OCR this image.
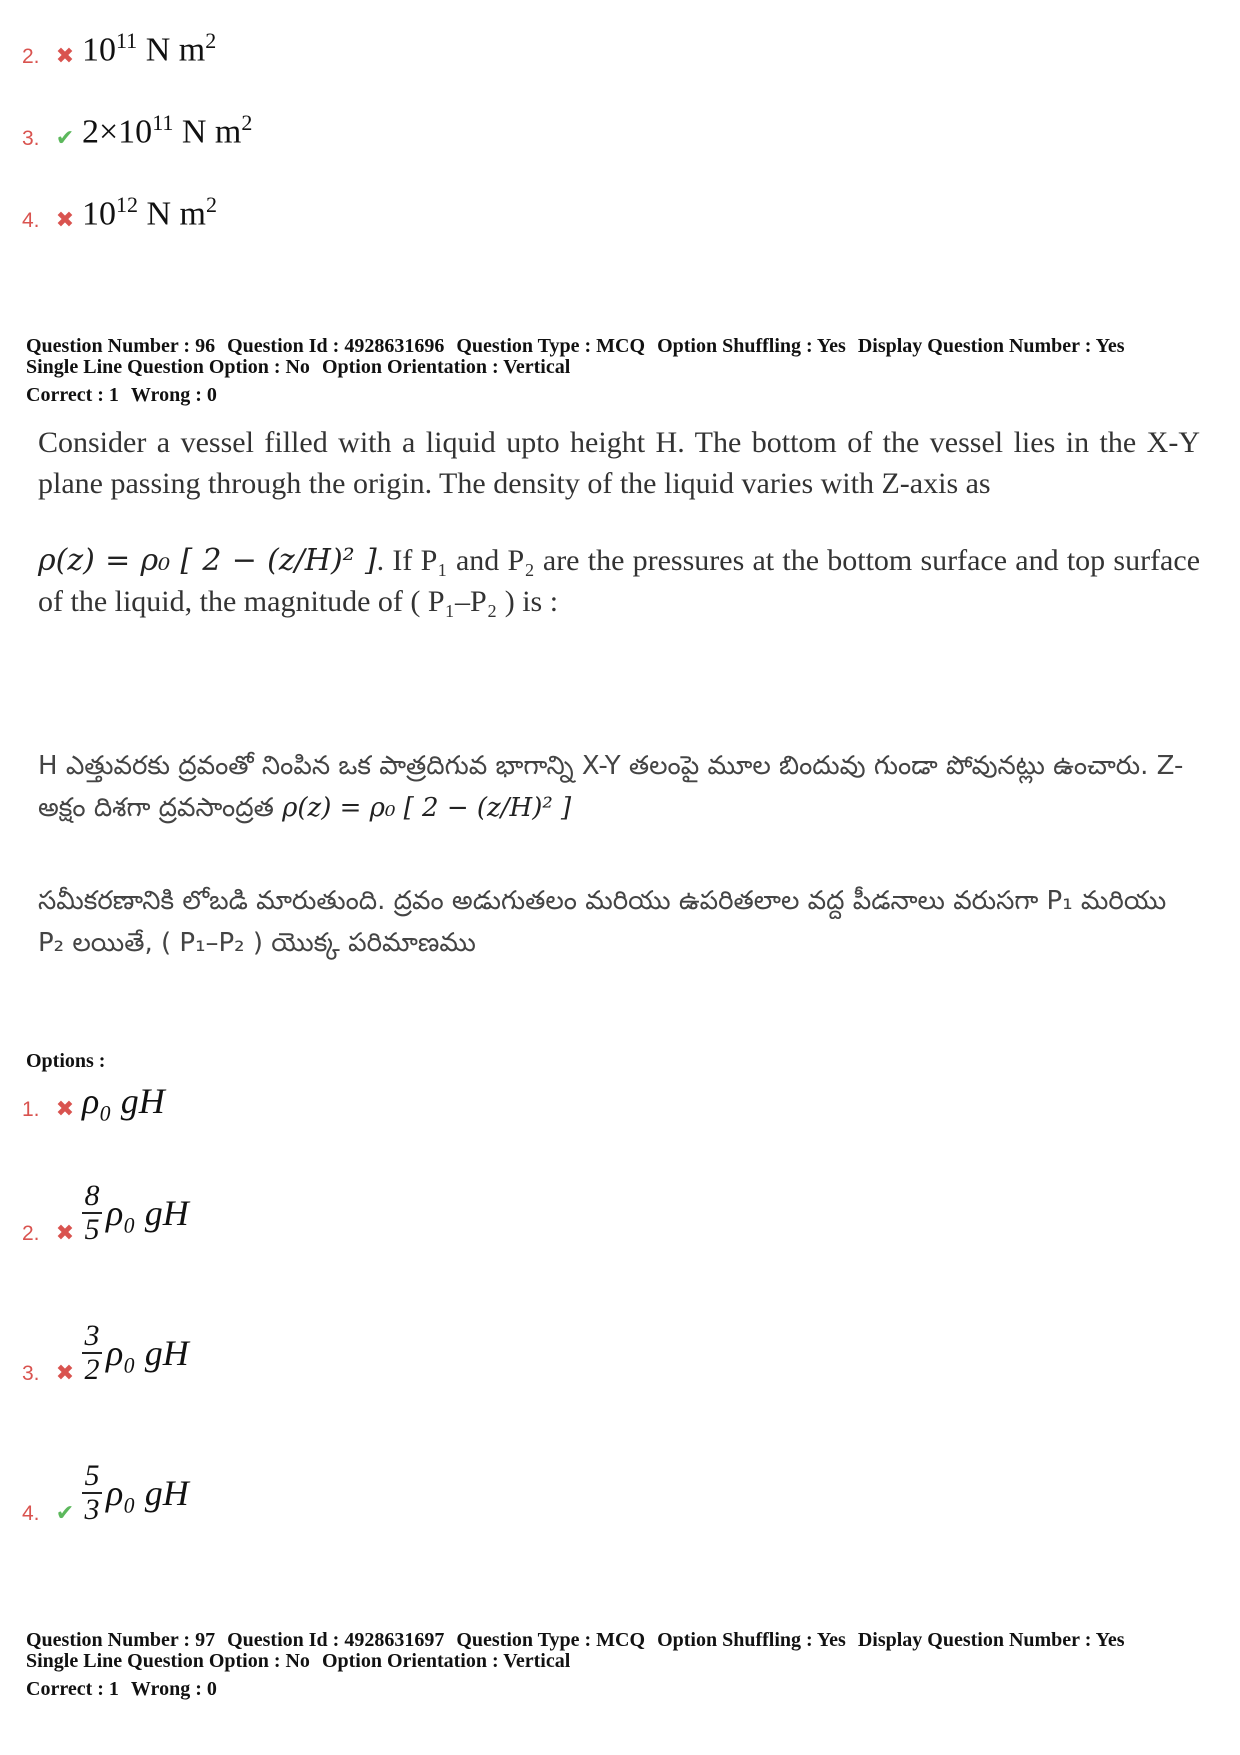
2. ✖ $10^{11}$ N $m^2$
3. ✔ $2\times 10^{11}$ N $m^2$
4. ✖ $10^{12}$ N $m^2$
Question Number : 96 Question Id : 4928631696 Question Type : MCQ Option Shuffling : Yes Display Question Number : Yes
Single Line Question Option : No Option Orientation : Vertical
Correct : 1 Wrong : 0
Consider a vessel filled with a liquid upto height H. The bottom of the vessel lies in the X-Y plane passing through the origin. The density of the liquid varies with Z-axis as
ρ(z) = ρ₀ [ 2 − (z/H)² ]. If P₁ and P₂ are the pressures at the bottom surface and top surface of the liquid, the magnitude of ( P₁–P₂ ) is :
H ఎత్తువరకు ద్రవంతో నింపిన ఒక పాత్రదిగువ భాగాన్ని X-Y తలంపై మూల బిందువు గుండా పోవునట్లు ఉంచారు. Z-అక్షం దిశగా ద్రవసాంద్రత ρ(z) = ρ₀ [ 2 − (z/H)² ]
సమీకరణానికి లోబడి మారుతుంది. ద్రవం అడుగుతలం మరియు ఉపరితలాల వద్ద పీడనాలు వరుసగా P₁ మరియు P₂ లయితే, ( P₁–P₂ ) యొక్క పరిమాణము
Options :
1. ✖ ρ₀ gH
2. ✖ $\frac{8}{5} \rho_0$ gH
3. ✖ $\frac{3}{2} \rho_0$ gH
4. ✔ $\frac{5}{3} \rho_0$ gH
Question Number : 97 Question Id : 4928631697 Question Type : MCQ Option Shuffling : Yes Display Question Number : Yes
Single Line Question Option : No Option Orientation : Vertical
Correct : 1 Wrong : 0
